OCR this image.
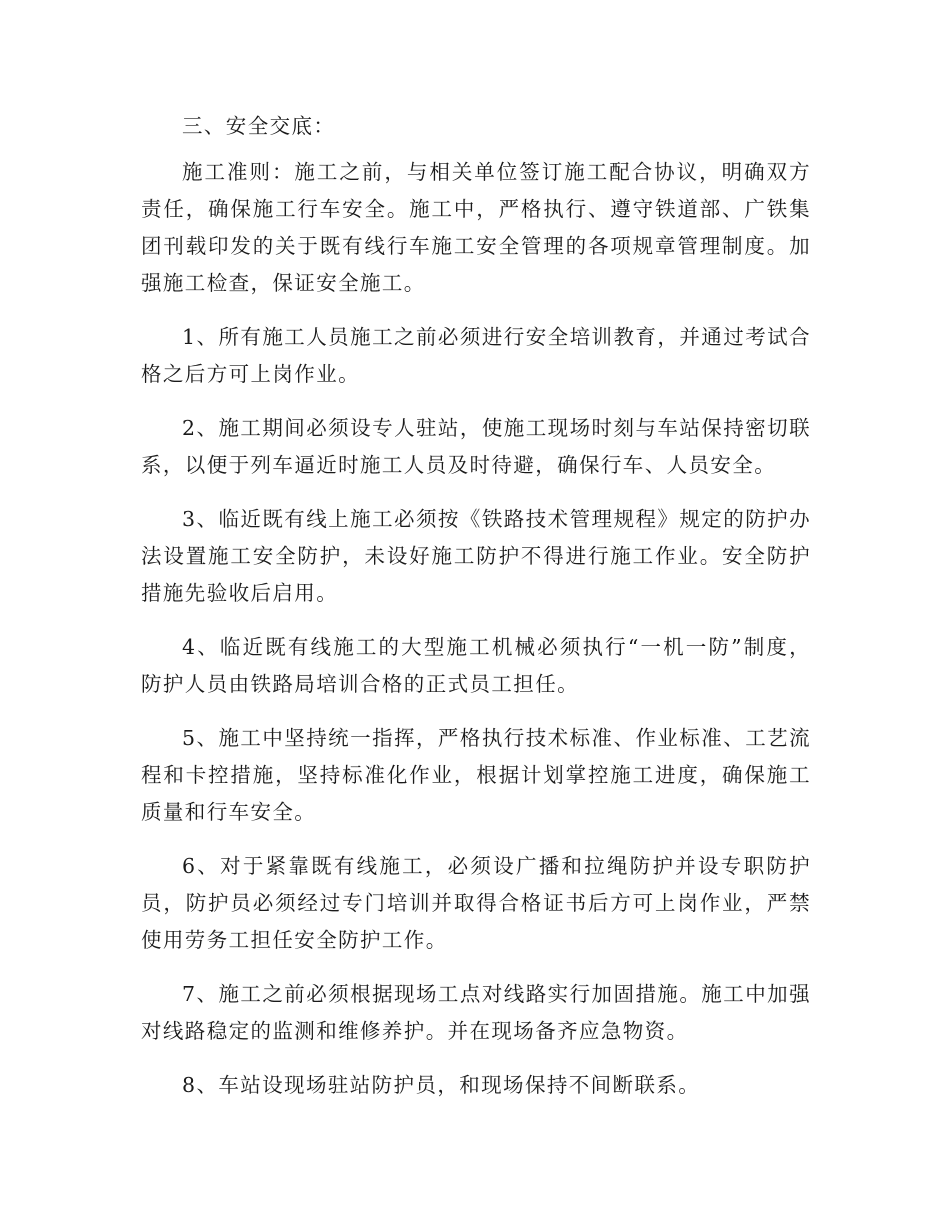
三、安全交底：

施工准则：施工之前，与相关单位签订施工配合协议，明确双方责任，确保施工行车安全。施工中，严格执行、遵守铁道部、广铁集团刊载印发的关于既有线行车施工安全管理的各项规章管理制度。加强施工检查，保证安全施工。

1、所有施工人员施工之前必须进行安全培训教育，并通过考试合格之后方可上岗作业。

2、施工期间必须设专人驻站，使施工现场时刻与车站保持密切联系，以便于列车逼近时施工人员及时待避，确保行车、人员安全。

3、临近既有线上施工必须按《铁路技术管理规程》规定的防护办法设置施工安全防护，未设好施工防护不得进行施工作业。安全防护措施先验收后启用。

4、临近既有线施工的大型施工机械必须执行“一机一防”制度，防护人员由铁路局培训合格的正式员工担任。

5、施工中坚持统一指挥，严格执行技术标准、作业标准、工艺流程和卡控措施，坚持标准化作业，根据计划掌控施工进度，确保施工质量和行车安全。

6、对于紧靠既有线施工，必须设广播和拉绳防护并设专职防护员，防护员必须经过专门培训并取得合格证书后方可上岗作业，严禁使用劳务工担任安全防护工作。

7、施工之前必须根据现场工点对线路实行加固措施。施工中加强对线路稳定的监测和维修养护。并在现场备齐应急物资。

8、车站设现场驻站防护员，和现场保持不间断联系。
